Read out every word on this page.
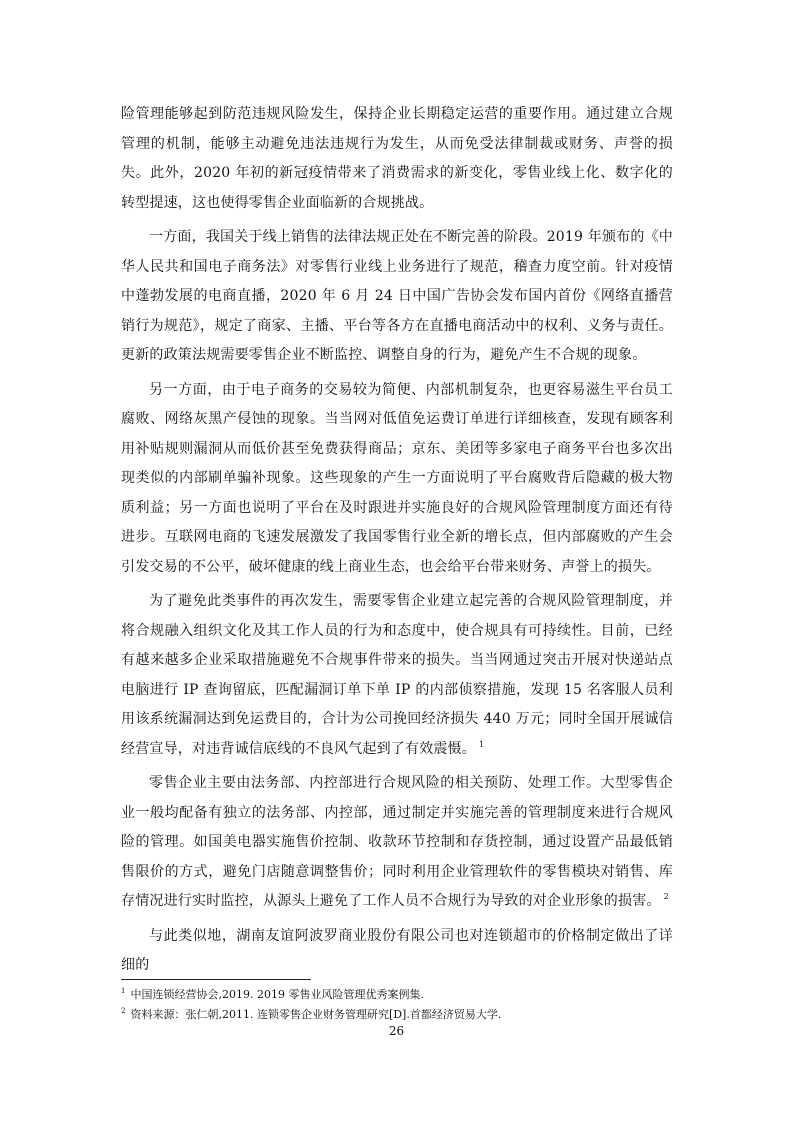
险管理能够起到防范违规风险发生，保持企业长期稳定运营的重要作用。通过建立合规管理的机制，能够主动避免违法违规行为发生，从而免受法律制裁或财务、声誉的损失。此外，2020 年初的新冠疫情带来了消费需求的新变化，零售业线上化、数字化的转型提速，这也使得零售企业面临新的合规挑战。

一方面，我国关于线上销售的法律法规正处在不断完善的阶段。2019 年颁布的《中华人民共和国电子商务法》对零售行业线上业务进行了规范，稽查力度空前。针对疫情中蓬勃发展的电商直播，2020 年 6 月 24 日中国广告协会发布国内首份《网络直播营销行为规范》，规定了商家、主播、平台等各方在直播电商活动中的权利、义务与责任。更新的政策法规需要零售企业不断监控、调整自身的行为，避免产生不合规的现象。

另一方面，由于电子商务的交易较为简便、内部机制复杂，也更容易滋生平台员工腐败、网络灰黑产侵蚀的现象。当当网对低值免运费订单进行详细核查，发现有顾客利用补贴规则漏洞从而低价甚至免费获得商品；京东、美团等多家电子商务平台也多次出现类似的内部刷单骗补现象。这些现象的产生一方面说明了平台腐败背后隐藏的极大物质利益；另一方面也说明了平台在及时跟进并实施良好的合规风险管理制度方面还有待进步。互联网电商的飞速发展激发了我国零售行业全新的增长点，但内部腐败的产生会引发交易的不公平，破坏健康的线上商业生态，也会给平台带来财务、声誉上的损失。

为了避免此类事件的再次发生，需要零售企业建立起完善的合规风险管理制度，并将合规融入组织文化及其工作人员的行为和态度中，使合规具有可持续性。目前，已经有越来越多企业采取措施避免不合规事件带来的损失。当当网通过突击开展对快递站点电脑进行 IP 查询留底，匹配漏洞订单下单 IP 的内部侦察措施，发现 15 名客服人员利用该系统漏洞达到免运费目的，合计为公司挽回经济损失 440 万元；同时全国开展诚信经营宣导，对违背诚信底线的不良风气起到了有效震慑。 $^1$

零售企业主要由法务部、内控部进行合规风险的相关预防、处理工作。大型零售企业一般均配备有独立的法务部、内控部，通过制定并实施完善的管理制度来进行合规风险的管理。如国美电器实施售价控制、收款环节控制和存货控制，通过设置产品最低销售限价的方式，避免门店随意调整售价；同时利用企业管理软件的零售模块对销售、库存情况进行实时监控，从源头上避免了工作人员不合规行为导致的对企业形象的损害。 $^2$

与此类似地，湖南友谊阿波罗商业股份有限公司也对连锁超市的价格制定做出了详细的

$^1$ 中国连锁经营协会,2019. 2019 零售业风险管理优秀案例集.
$^2$ 资料来源：张仁朝,2011. 连锁零售企业财务管理研究[D].首都经济贸易大学.
26
